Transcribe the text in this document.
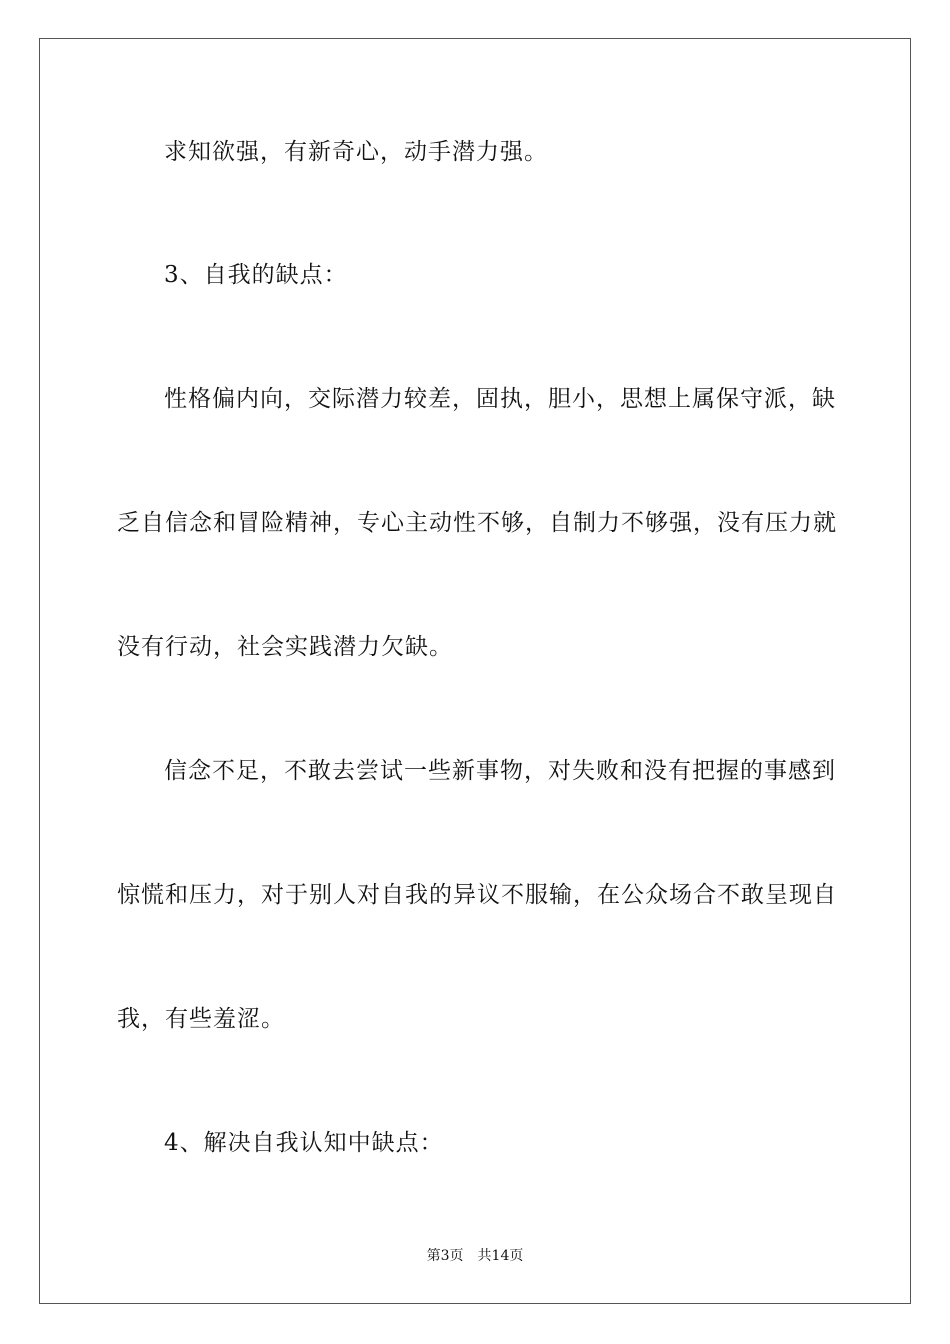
求知欲强，有新奇心，动手潜力强。
3、自我的缺点：
性格偏内向，交际潜力较差，固执，胆小，思想上属保守派，缺
乏自信念和冒险精神，专心主动性不够，自制力不够强，没有压力就
没有行动，社会实践潜力欠缺。
信念不足，不敢去尝试一些新事物，对失败和没有把握的事感到
惊慌和压力，对于别人对自我的异议不服输，在公众场合不敢呈现自
我，有些羞涩。
4、解决自我认知中缺点：
第3页 共14页
